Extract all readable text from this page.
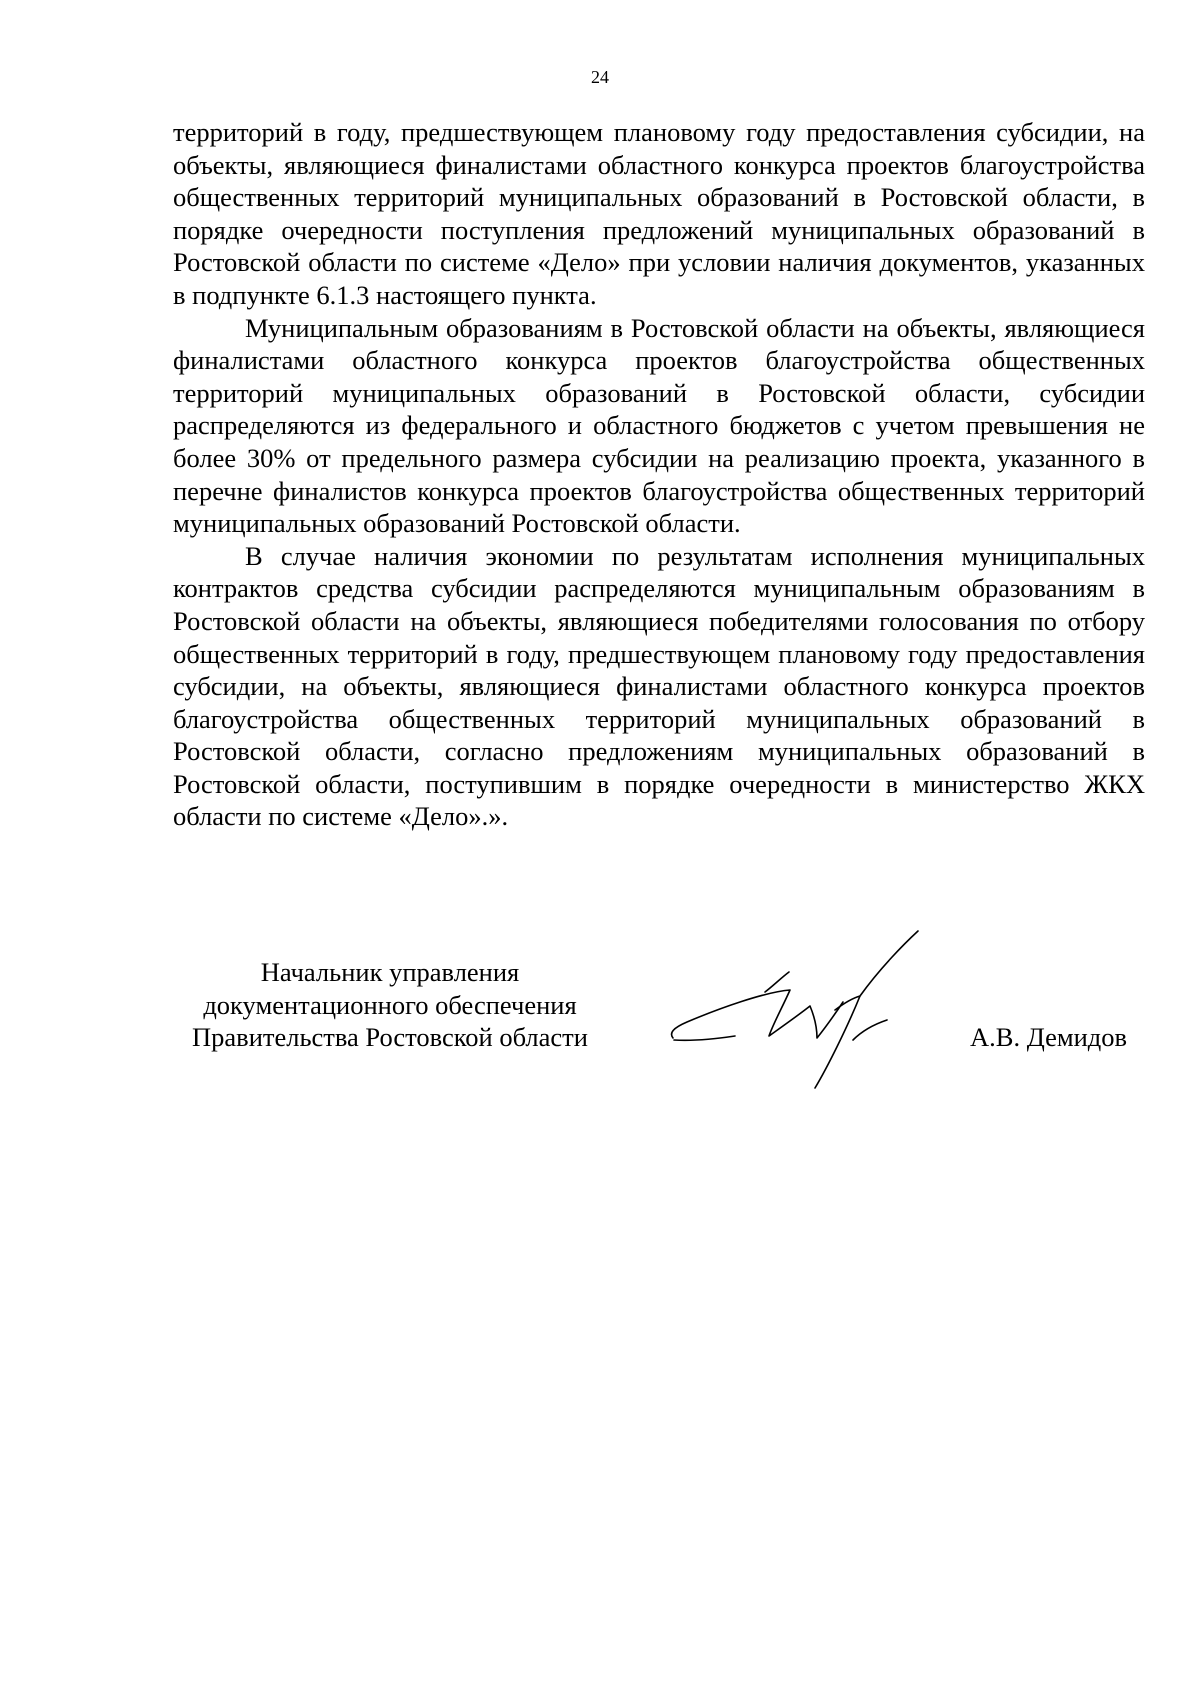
24

территорий в году, предшествующем плановому году предоставления субсидии, на объекты, являющиеся финалистами областного конкурса проектов благоустройства общественных территорий муниципальных образований в Ростовской области, в порядке очередности поступления предложений муниципальных образований в Ростовской области по системе «Дело» при условии наличия документов, указанных в подпункте 6.1.3 настоящего пункта.

Муниципальным образованиям в Ростовской области на объекты, являющиеся финалистами областного конкурса проектов благоустройства общественных территорий муниципальных образований в Ростовской области, субсидии распределяются из федерального и областного бюджетов с учетом превышения не более 30% от предельного размера субсидии на реализацию проекта, указанного в перечне финалистов конкурса проектов благоустройства общественных территорий муниципальных образований Ростовской области.

В случае наличия экономии по результатам исполнения муниципальных контрактов средства субсидии распределяются муниципальным образованиям в Ростовской области на объекты, являющиеся победителями голосования по отбору общественных территорий в году, предшествующем плановому году предоставления субсидии, на объекты, являющиеся финалистами областного конкурса проектов благоустройства общественных территорий муниципальных образований в Ростовской области, согласно предложениям муниципальных образований в Ростовской области, поступившим в порядке очередности в министерство ЖКХ области по системе «Дело».».

Начальник управления
документационного обеспечения
Правительства Ростовской области	А.В. Демидов
